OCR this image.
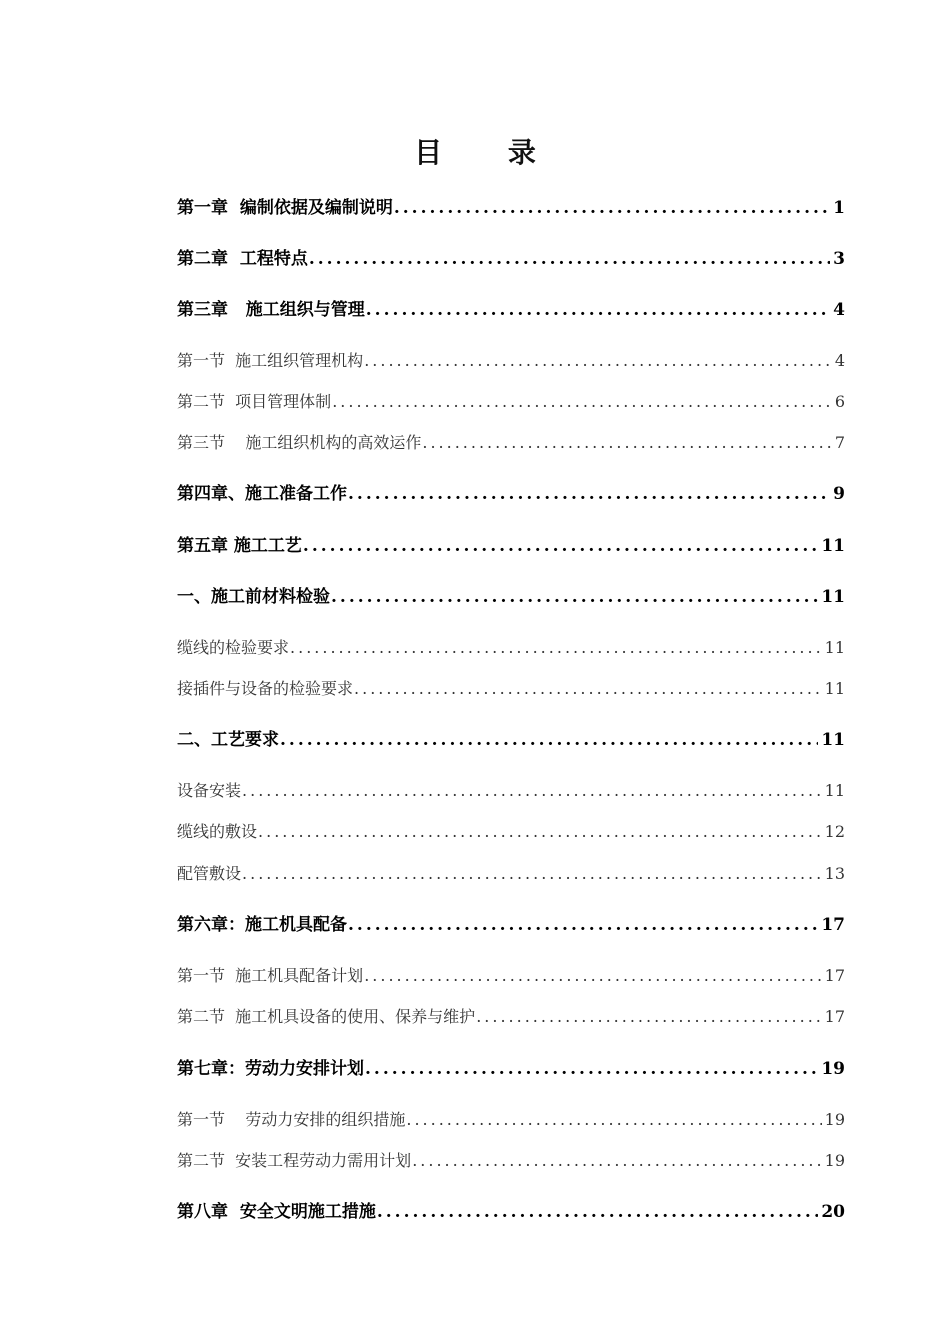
目 录
第一章  编制依据及编制说明 .....	1
第二章  工程特点 .....	3
第三章   施工组织与管理 .....	4
第一节  施工组织管理机构 .....	4
第二节  项目管理体制 .....	6
第三节    施工组织机构的高效运作 .....	7
第四章、施工准备工作 .....	9
第五章 施工工艺 .....	11
一、施工前材料检验 .....	11
缆线的检验要求 .....	11
接插件与设备的检验要求 .....	11
二、工艺要求 .....	11
设备安装 .....	11
缆线的敷设 .....	12
配管敷设 .....	13
第六章：施工机具配备 .....	17
第一节  施工机具配备计划 .....	17
第二节  施工机具设备的使用、保养与维护 .....	17
第七章：劳动力安排计划 .....	19
第一节    劳动力安排的组织措施 .....	19
第二节  安装工程劳动力需用计划 .....	19
第八章  安全文明施工措施 .....	20
